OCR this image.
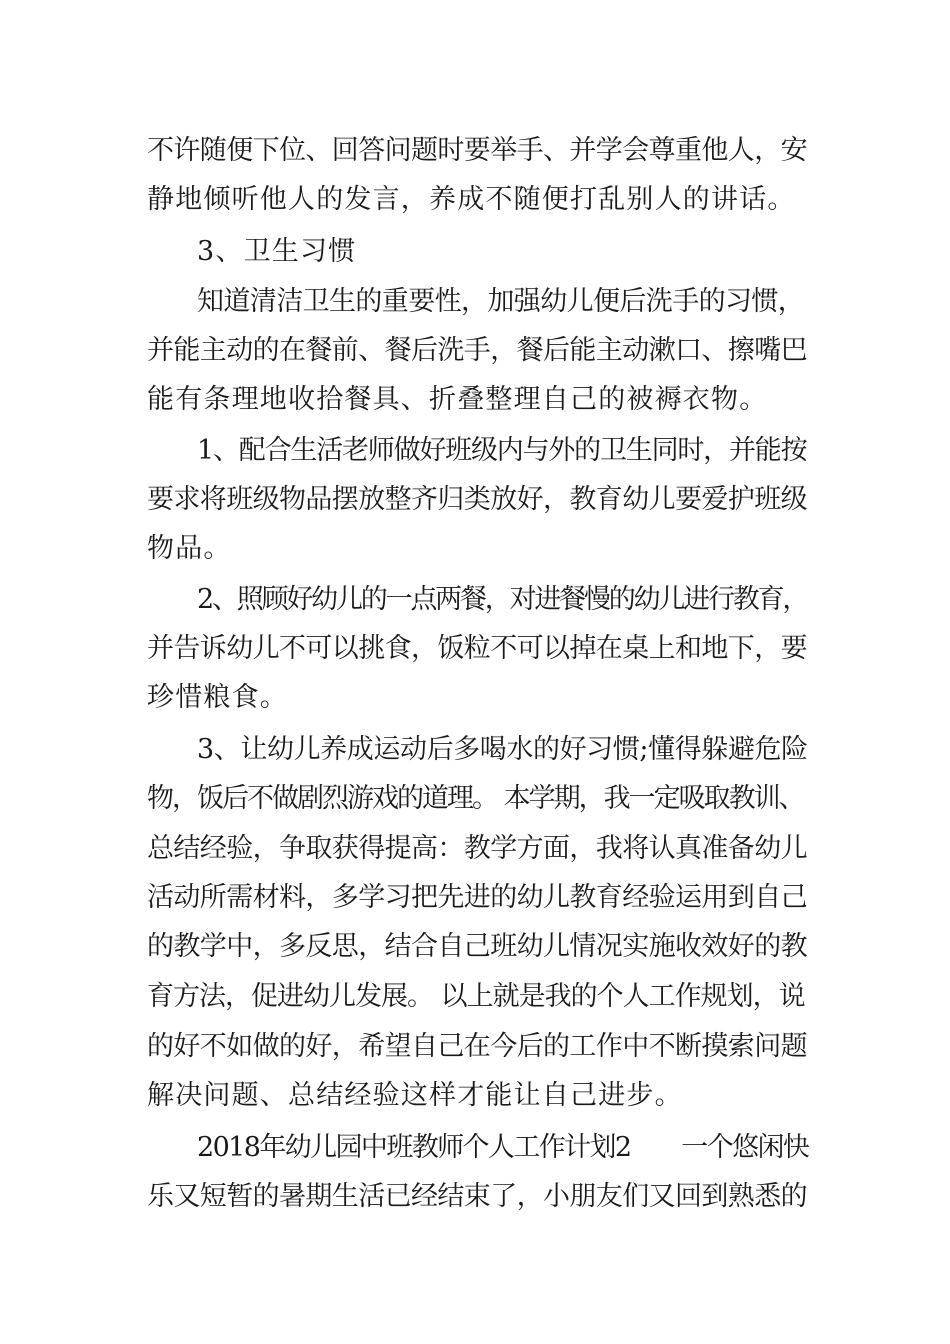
不许随便下位、回答问题时要举手、并学会尊重他人，安

静地倾听他人的发言，养成不随便打乱别人的讲话。

3、卫生习惯

知道清洁卫生的重要性，加强幼儿便后洗手的习惯，

并能主动的在餐前、餐后洗手，餐后能主动漱口、擦嘴巴

能有条理地收拾餐具、折叠整理自己的被褥衣物。

1、配合生活老师做好班级内与外的卫生同时，并能按

要求将班级物品摆放整齐归类放好，教育幼儿要爱护班级

物品。

2、照顾好幼儿的一点两餐，对进餐慢的幼儿进行教育，

并告诉幼儿不可以挑食，饭粒不可以掉在桌上和地下，要

珍惜粮食。

3、让幼儿养成运动后多喝水的好习惯;懂得躲避危险

物，饭后不做剧烈游戏的道理。 本学期，我一定吸取教训、

总结经验，争取获得提高：教学方面，我将认真准备幼儿

活动所需材料，多学习把先进的幼儿教育经验运用到自己

的教学中，多反思，结合自己班幼儿情况实施收效好的教

育方法，促进幼儿发展。 以上就是我的个人工作规划，说

的好不如做的好，希望自己在今后的工作中不断摸索问题

解决问题、总结经验这样才能让自己进步。

2018年幼儿园中班教师个人工作计划2　　一个悠闲快

乐又短暂的暑期生活已经结束了，小朋友们又回到熟悉的
